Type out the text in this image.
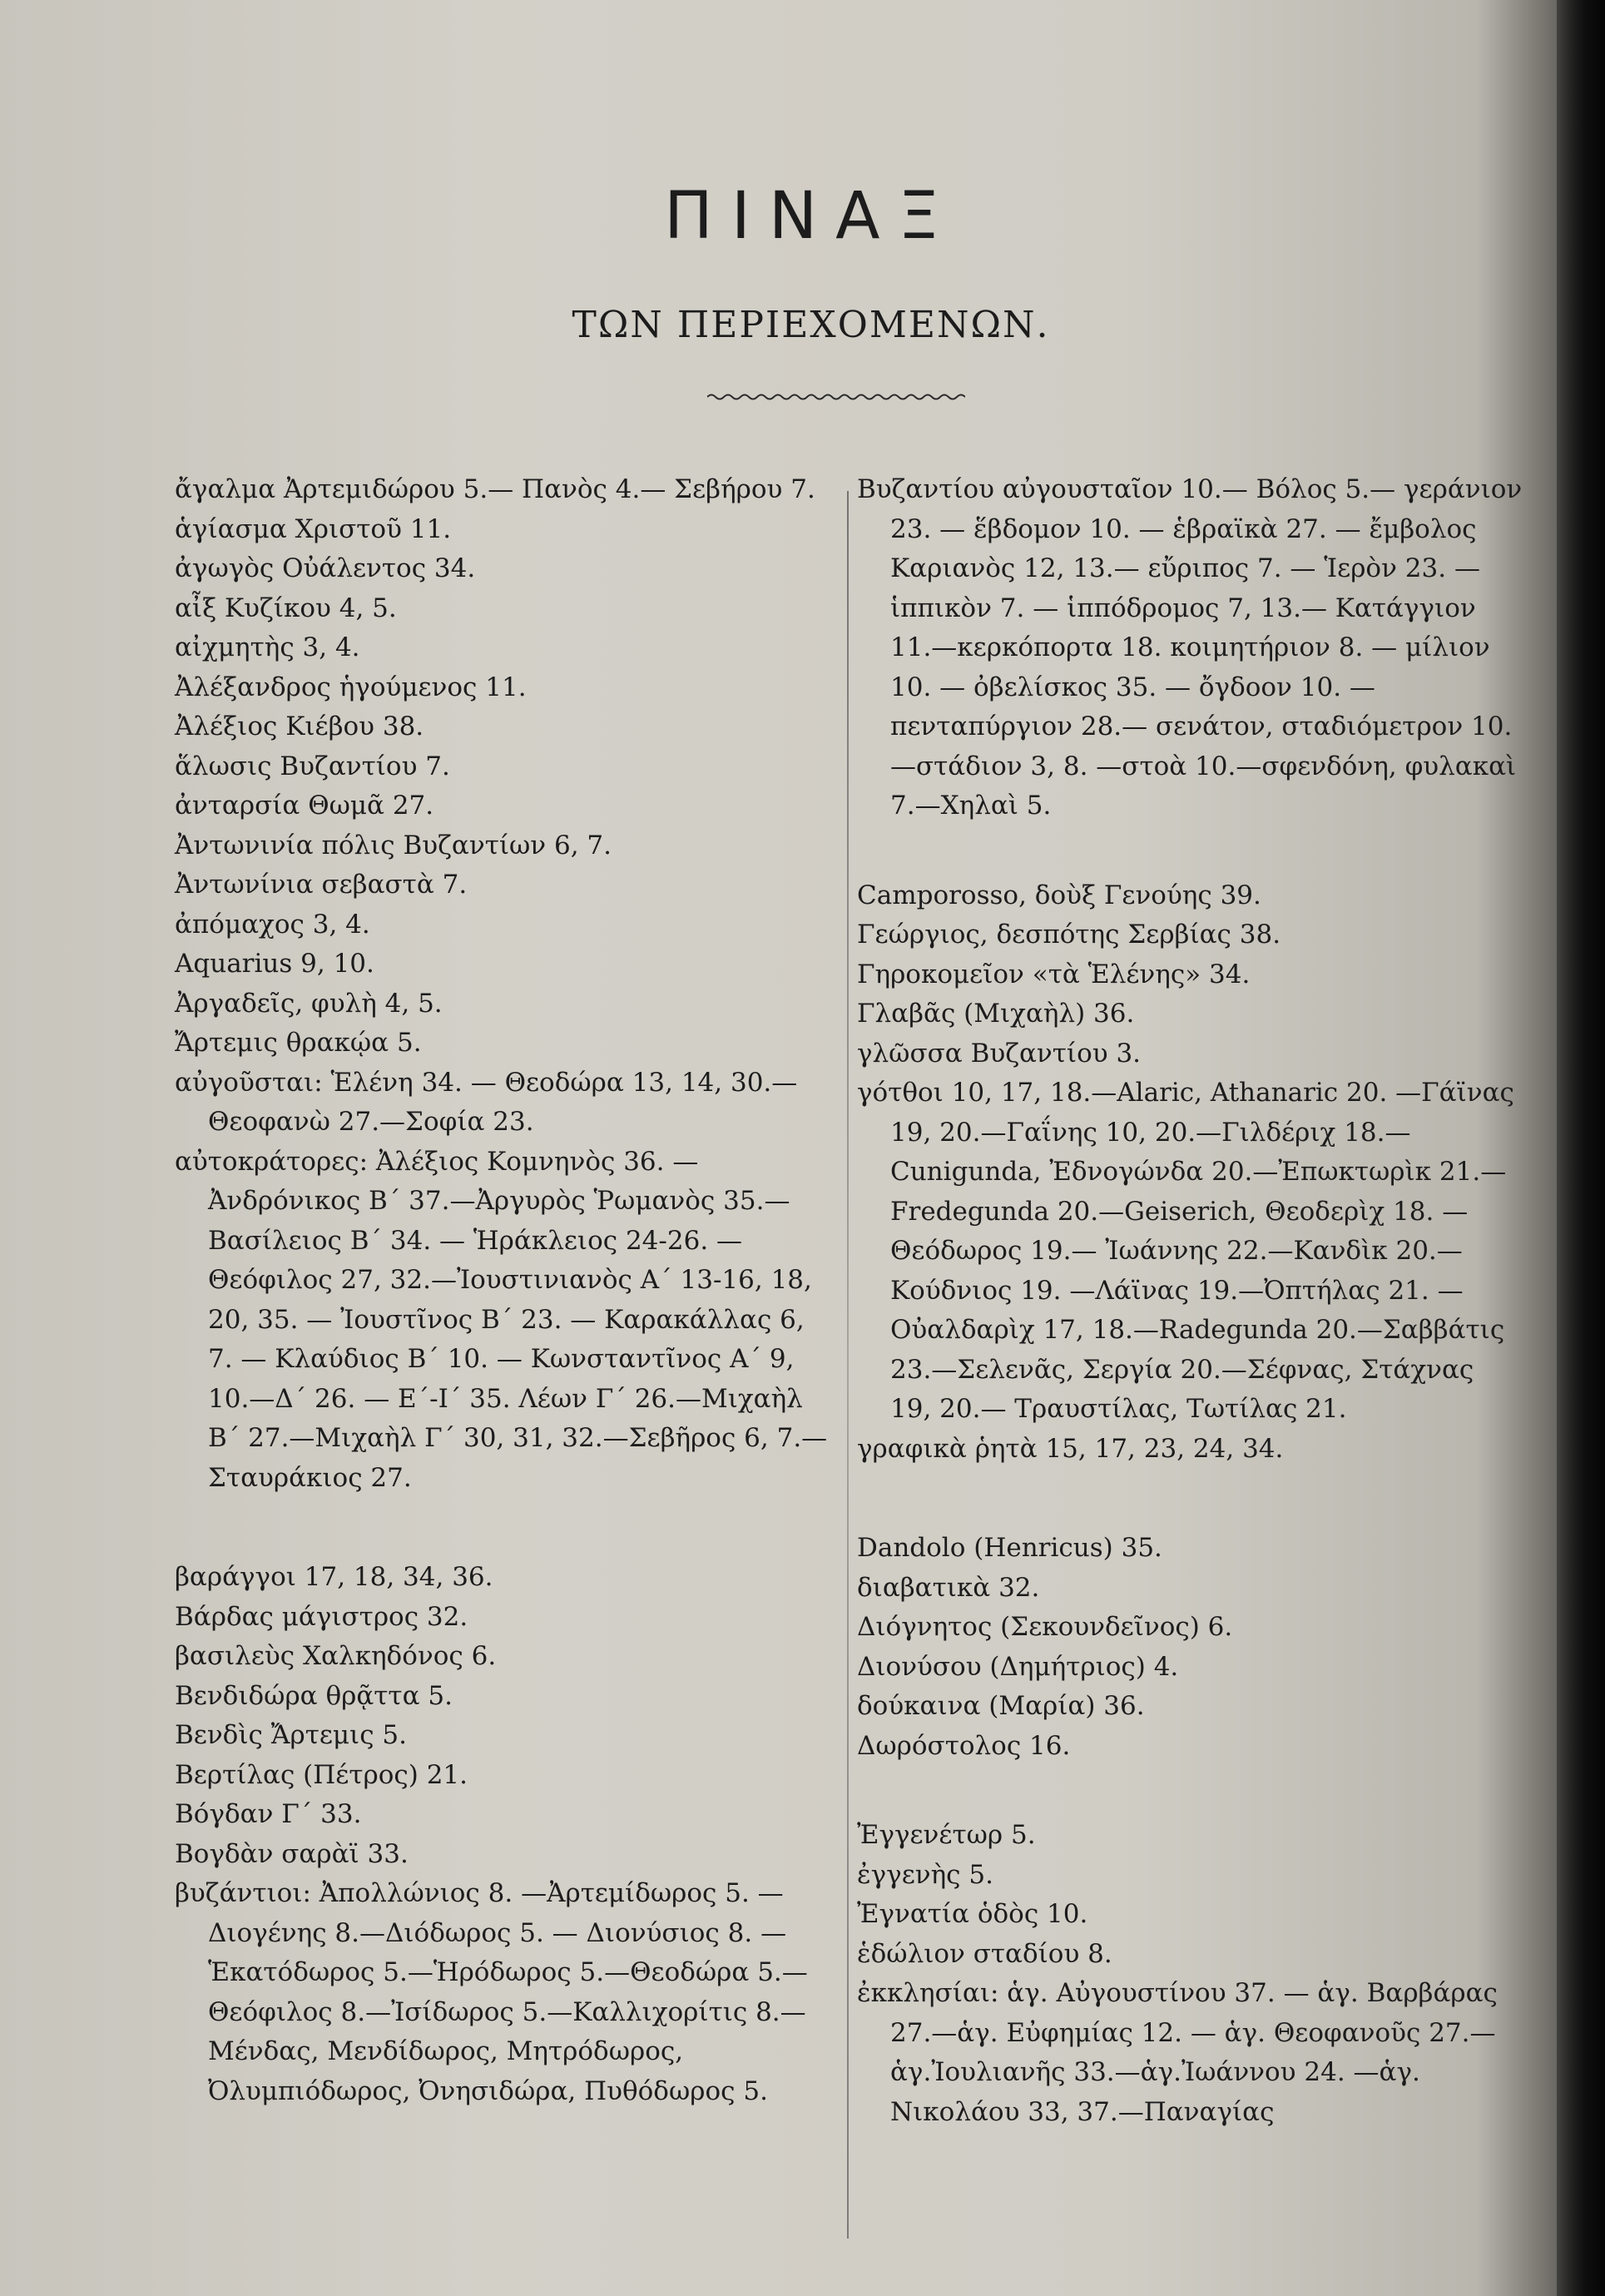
ΠΙΝΑΞ
ΤΩΝ ΠΕΡΙΕΧΟΜΕΝΩΝ.
ἄγαλμα Ἀρτεμιδώρου 5.— Πανὸς 4.— Σεβήρου 7.
ἁγίασμα Χριστοῦ 11.
ἀγωγὸς Οὐάλεντος 34.
αἶξ Κυζίκου 4, 5.
αἰχμητὴς 3, 4.
Ἀλέξανδρος ἡγούμενος 11.
Ἀλέξιος Κιέβου 38.
ἅλωσις Βυζαντίου 7.
ἀνταρσία Θωμᾶ 27.
Ἀντωνινία πόλις Βυζαντίων 6, 7.
Ἀντωνίνια σεβαστὰ 7.
ἀπόμαχος 3, 4.
Aquarius 9, 10.
Ἀργαδεῖς, φυλὴ 4, 5.
Ἄρτεμις θρακῴα 5.
αὐγοῦσται: Ἑλένη 34. — Θεοδώρα 13, 14, 30.—Θεοφανὼ 27.—Σοφία 23.
αὐτοκράτορες: Ἀλέξιος Κομνηνὸς 36. — Ἀνδρόνικος Β΄ 37.—Ἀργυρὸς Ῥωμανὸς 35.— Βασίλειος Β΄ 34. — Ἡράκλειος 24-26. — Θεόφιλος 27, 32.—Ἰουστινιανὸς Α΄ 13-16, 18, 20, 35. — Ἰουστῖνος Β΄ 23. — Καρακάλλας 6, 7. — Κλαύδιος Β΄ 10. — Κωνσταντῖνος Α΄ 9, 10.—Δ΄ 26. — Ε΄-Ι΄ 35. Λέων Γ΄ 26.—Μιχαὴλ Β΄ 27.—Μιχαὴλ Γ΄ 30, 31, 32.—Σεβῆρος 6, 7.—Σταυράκιος 27.
βαράγγοι 17, 18, 34, 36.
Βάρδας μάγιστρος 32.
βασιλεὺς Χαλκηδόνος 6.
Βενδιδώρα θρᾷττα 5.
Βενδὶς Ἄρτεμις 5.
Βερτίλας (Πέτρος) 21.
Βόγδαν Γ΄ 33.
Βογδὰν σαρὰϊ 33.
βυζάντιοι: Ἀπολλώνιος 8. —Ἀρτεμίδωρος 5. —Διογένης 8.—Διόδωρος 5. — Διονύσιος 8. —Ἑκατόδωρος 5.—Ἡρόδωρος 5.—Θεοδώρα 5.—Θεόφιλος 8.—Ἰσίδωρος 5.—Καλλιχορίτις 8.—Μένδας, Μενδίδωρος, Μητρόδωρος, Ὀλυμπιόδωρος, Ὀνησιδώρα, Πυθόδωρος 5.
Βυζαντίου αὐγουσταῖον 10.— Βόλος 5.— γεράνιον 23. — ἕβδομον 10. — ἑβραϊκὰ 27. — ἔμβολος Καριανὸς 12, 13.— εὔριπος 7. — Ἱερὸν 23. — ἱππικὸν 7. — ἱππόδρομος 7, 13.— Κατάγγιον 11.—κερκόπορτα 18. κοιμητήριον 8. — μίλιον 10. — ὀβελίσκος 35. — ὄγδοον 10. — πενταπύργιον 28.— σενάτον, σταδιόμετρον 10.—στάδιον 3, 8. —στοὰ 10.—σφενδόνη, φυλακαὶ 7.—Χηλαὶ 5.
Camporosso, δοὺξ Γενούης 39.
Γεώργιος, δεσπότης Σερβίας 38.
Γηροκομεῖον «τὰ Ἑλένης» 34.
Γλαβᾶς (Μιχαὴλ) 36.
γλῶσσα Βυζαντίου 3.
γότθοι 10, 17, 18.—Alaric, Athanaric 20. —Γάϊνας 19, 20.—Γαΐνης 10, 20.—Γιλδέριχ 18.—Cunigunda, Ἐδνογώνδα 20.—Ἐπωκτωρὶκ 21.—Fredegunda 20.—Geiserich, Θεοδερὶχ 18. — Θεόδωρος 19.— Ἰωάννης 22.—Κανδὶκ 20.—Κούδνιος 19. —Λάϊνας 19.—Ὀπτήλας 21. — Οὐαλδαρὶχ 17, 18.—Radegunda 20.—Σαββάτις 23.—Σελενᾶς, Σεργία 20.—Σέφνας, Στάχνας 19, 20.— Τραυστίλας, Τωτίλας 21.
γραφικὰ ῥητὰ 15, 17, 23, 24, 34.
Dandolo (Henricus) 35.
διαβατικὰ 32.
Διόγνητος (Σεκουνδεῖνος) 6.
Διονύσου (Δημήτριος) 4.
δούκαινα (Μαρία) 36.
Δωρόστολος 16.
Ἐγγενέτωρ 5.
ἐγγενὴς 5.
Ἐγνατία ὁδὸς 10.
ἑδώλιον σταδίου 8.
ἐκκλησίαι: ἁγ. Αὐγουστίνου 37. — ἁγ. Βαρβάρας 27.—ἁγ. Εὐφημίας 12. — ἁγ. Θεοφανοῦς 27.—ἁγ.Ἰουλιανῆς 33.—ἁγ.Ἰωάννου 24. —ἁγ. Νικολάου 33, 37.—Παναγίας
